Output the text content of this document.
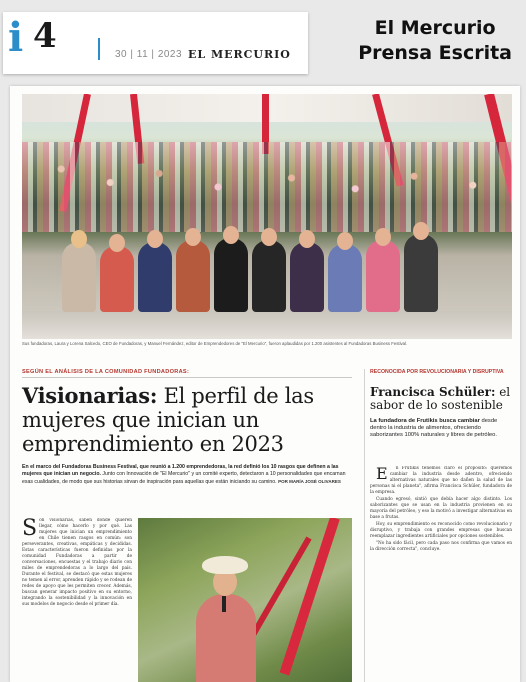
i 4	30 | 11 | 2023 EL MERCURIO
El Mercurio
Prensa Escrita
Sus fundadoras, Laura y Lorena Salcedo, CEO de Fundadoras, y Manuel Fernández, editor de Emprendedores de "El Mercurio", fueron aplaudidas por 1.200 asistentes al Fundadoras Business Festival.
SEGÚN EL ANÁLISIS DE LA COMUNIDAD FUNDADORAS:
Visionarias: El perfil de las mujeres que inician un emprendimiento en 2023
En el marco del Fundadoras Business Festival, que reunió a 1.200 emprendedoras, la red definió los 10 rasgos que definen a las mujeres que inician un negocio. Junto con Innovación de "El Mercurio" y un comité experto, detectaron a 10 personalidades que encarnan esas cualidades, de modo que sus historias sirvan de inspiración para aquellas que están iniciando su camino. POR MARÍA JOSÉ OLIVARES
Son visionarias, saben dónde quieren llegar, cómo hacerlo y por qué. Las mujeres que inician un emprendimiento en Chile tienen rasgos en común: son perseverantes, creativas, empáticas y decididas. Estas características fueron definidas por la comunidad Fundadoras a partir de conversaciones, encuestas y el trabajo diario con miles de emprendedoras a lo largo del país. Durante el festival, se destacó que estas mujeres no temen al error, aprenden rápido y se rodean de redes de apoyo que les permiten crecer. Además, buscan generar impacto positivo en su entorno, integrando la sostenibilidad y la innovación en sus modelos de negocio desde el primer día.
RECONOCIDA POR REVOLUCIONARIA Y DISRUPTIVA
Francisca Schüler: el sabor de lo sostenible
La fundadora de Frutikis busca cambiar desde dentro la industria de alimentos, ofreciendo saborizantes 100% naturales y libres de petróleo.

E n Frutikis tenemos claro el propósito: queremos cambiar la industria desde adentro, ofreciendo alternativas naturales que no dañen la salud de las personas ni el planeta", afirma Francisca Schüler, fundadora de la empresa.

Cuando egresó, sintió que debía hacer algo distinto. Los saborizantes que se usan en la industria provienen en su mayoría del petróleo, y eso la motivó a investigar alternativas en base a frutas.

Hoy, su emprendimiento es reconocido como revolucionario y disruptivo, y trabaja con grandes empresas que buscan reemplazar ingredientes artificiales por opciones sostenibles.

"No ha sido fácil, pero cada paso nos confirma que vamos en la dirección correcta", concluye.
